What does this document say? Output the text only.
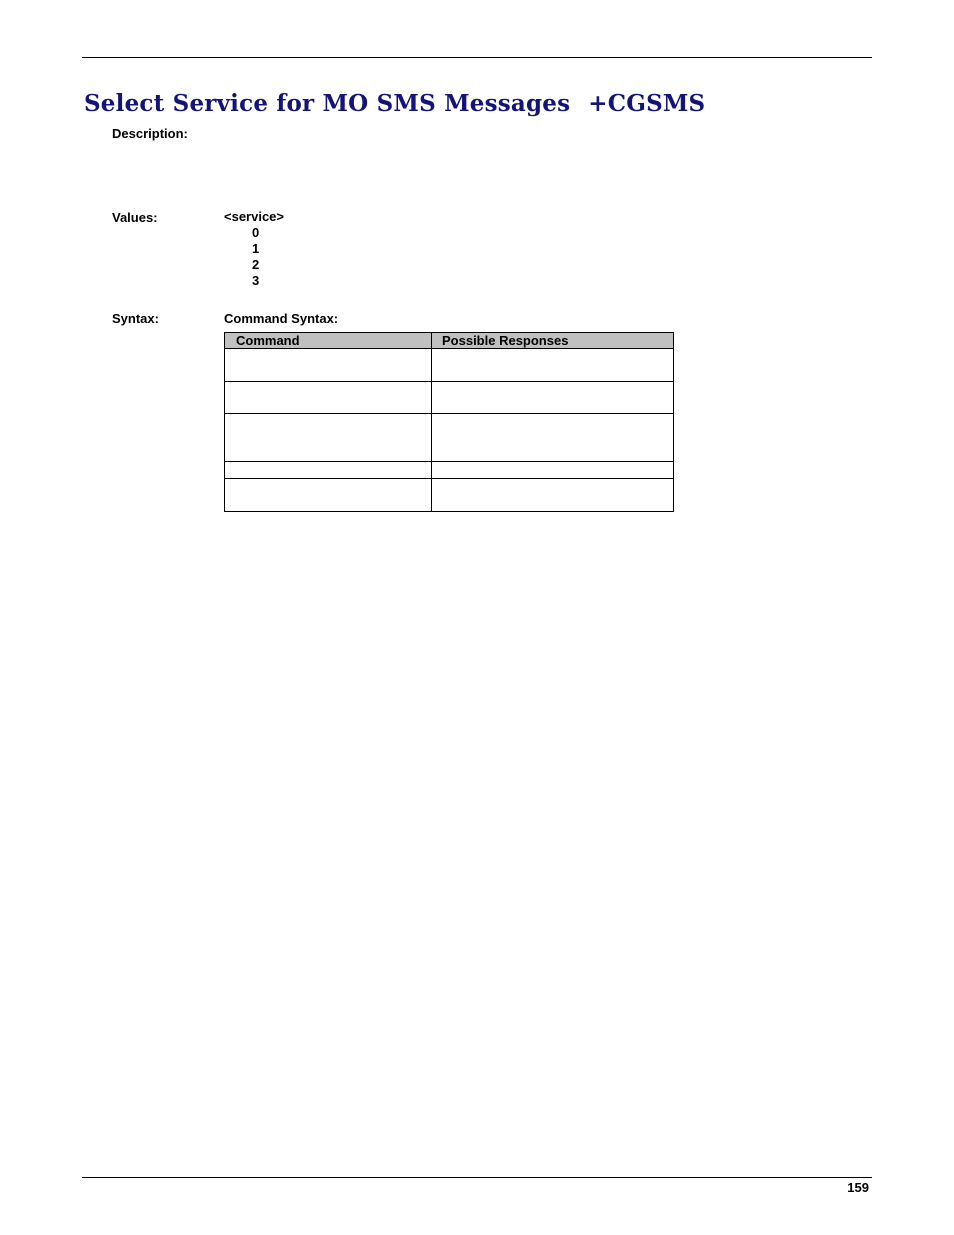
Select Service for MO SMS Messages +CGSMS
Description:
Values:	<service>
0
1
2
3
Syntax:	Command Syntax:
Command	Possible Responses

159
